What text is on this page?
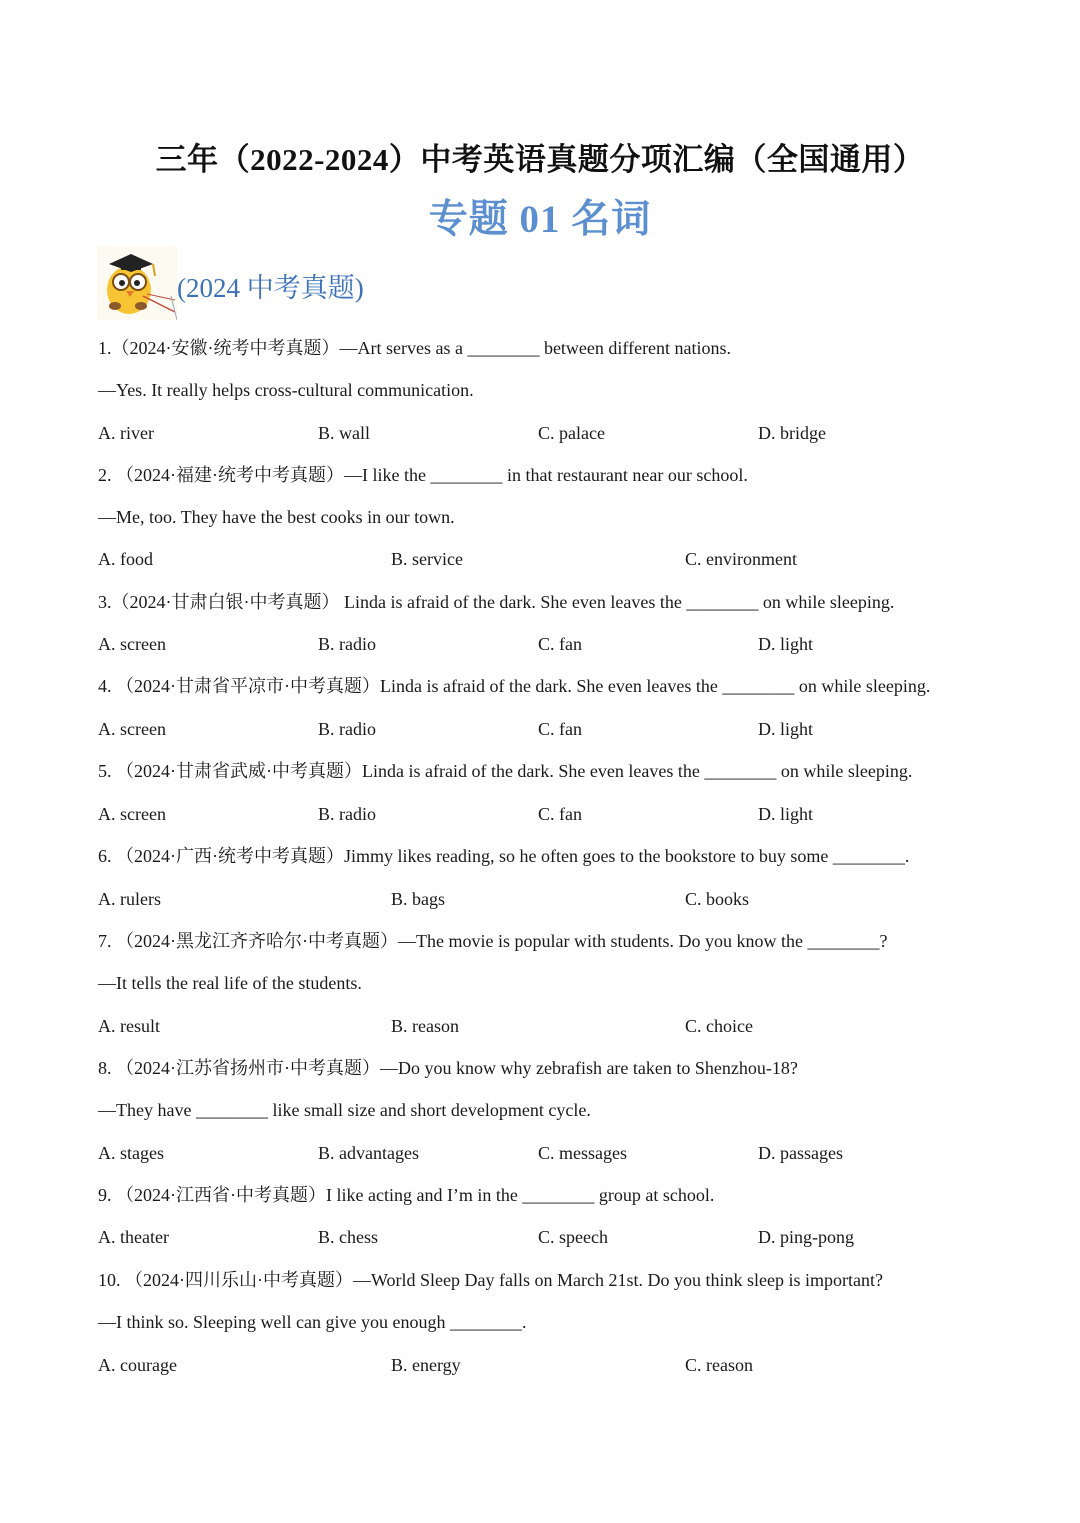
三年（2022-2024）中考英语真题分项汇编（全国通用）
专题 01 名词
(2024 中考真题)
1.（2024·安徽·统考中考真题）—Art serves as a ________ between different nations.
—Yes. It really helps cross-cultural communication.
A. river	B. wall	C. palace	D. bridge
2. （2024·福建·统考中考真题）—I like the ________ in that restaurant near our school.
—Me, too. They have the best cooks in our town.
A. food	B. service	C. environment
3.（2024·甘肃白银·中考真题） Linda is afraid of the dark. She even leaves the ________ on while sleeping.
A. screen	B. radio	C. fan	D. light
4. （2024·甘肃省平凉市·中考真题）Linda is afraid of the dark. She even leaves the ________ on while sleeping.
A. screen	B. radio	C. fan	D. light
5. （2024·甘肃省武威·中考真题）Linda is afraid of the dark. She even leaves the ________ on while sleeping.
A. screen	B. radio	C. fan	D. light
6. （2024·广西·统考中考真题）Jimmy likes reading, so he often goes to the bookstore to buy some ________.
A. rulers	B. bags	C. books
7. （2024·黑龙江齐齐哈尔·中考真题）—The movie is popular with students. Do you know the ________?
—It tells the real life of the students.
A. result	B. reason	C. choice
8. （2024·江苏省扬州市·中考真题）—Do you know why zebrafish are taken to Shenzhou-18?
—They have ________ like small size and short development cycle.
A. stages	B. advantages	C. messages	D. passages
9. （2024·江西省·中考真题）I like acting and I’m in the ________ group at school.
A. theater	B. chess	C. speech	D. ping-pong
10. （2024·四川乐山·中考真题）—World Sleep Day falls on March 21st. Do you think sleep is important?
—I think so. Sleeping well can give you enough ________.
A. courage	B. energy	C. reason
